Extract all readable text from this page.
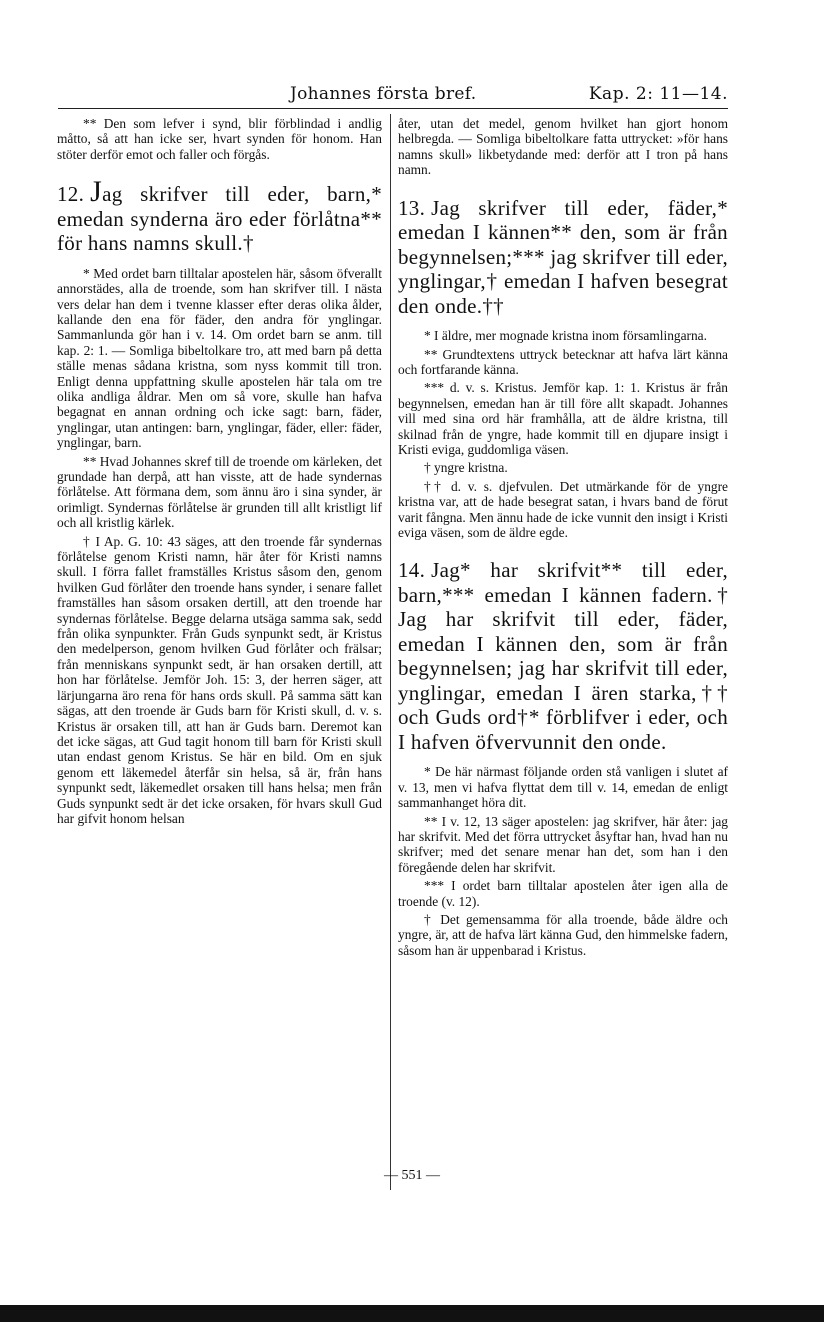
Johannes första bref.	Kap. 2: 11—14.

** Den som lefver i synd, blir förblindad i andlig måtto, så att han icke ser, hvart synden för honom. Han stöter derför emot och faller och förgås.

12. Jag skrifver till eder, barn,* emedan synderna äro eder förlåtna** för hans namns skull.†

* Med ordet barn tilltalar apostelen här, såsom öfverallt annorstädes, alla de troende, som han skrifver till. I nästa vers delar han dem i tvenne klasser efter deras olika ålder, kallande den ena för fäder, den andra för ynglingar. Sammanlunda gör han i v. 14. Om ordet barn se anm. till kap. 2: 1. — Somliga bibeltolkare tro, att med barn på detta ställe menas sådana kristna, som nyss kommit till tron. Enligt denna uppfattning skulle apostelen här tala om tre olika andliga åldrar. Men om så vore, skulle han hafva begagnat en annan ordning och icke sagt: barn, fäder, ynglingar, utan antingen: barn, ynglingar, fäder, eller: fäder, ynglingar, barn.

** Hvad Johannes skref till de troende om kärleken, det grundade han derpå, att han visste, att de hade syndernas förlåtelse. Att förmana dem, som ännu äro i sina synder, är orimligt. Syndernas förlåtelse är grunden till allt kristligt lif och all kristlig kärlek.

† I Ap. G. 10: 43 säges, att den troende får syndernas förlåtelse genom Kristi namn, här åter för Kristi namns skull. I förra fallet framställes Kristus såsom den, genom hvilken Gud förlåter den troende hans synder, i senare fallet framställes han såsom orsaken dertill, att den troende har syndernas förlåtelse. Begge delarna utsäga samma sak, sedd från olika synpunkter. Från Guds synpunkt sedt, är Kristus den medelperson, genom hvilken Gud förlåter och frälsar; från menniskans synpunkt sedt, är han orsaken dertill, att hon har förlåtelse. Jemför Joh. 15: 3, der herren säger, att lärjungarna äro rena för hans ords skull. På samma sätt kan sägas, att den troende är Guds barn för Kristi skull, d. v. s. Kristus är orsaken till, att han är Guds barn. Deremot kan det icke sägas, att Gud tagit honom till barn för Kristi skull utan endast genom Kristus. Se här en bild. Om en sjuk genom ett läkemedel återfår sin helsa, så är, från hans synpunkt sedt, läkemedlet orsaken till hans helsa; men från Guds synpunkt sedt är det icke orsaken, för hvars skull Gud har gifvit honom helsan

åter, utan det medel, genom hvilket han gjort honom helbregda. — Somliga bibeltolkare fatta uttrycket: »för hans namns skull» likbetydande med: derför att I tron på hans namn.

13. Jag skrifver till eder, fäder,* emedan I kännen** den, som är från begynnelsen;*** jag skrifver till eder, ynglingar,† emedan I hafven besegrat den onde.††

* I äldre, mer mognade kristna inom församlingarna.

** Grundtextens uttryck betecknar att hafva lärt känna och fortfarande känna.

*** d. v. s. Kristus. Jemför kap. 1: 1. Kristus är från begynnelsen, emedan han är till före allt skapadt. Johannes vill med sina ord här framhålla, att de äldre kristna, till skilnad från de yngre, hade kommit till en djupare insigt i Kristi eviga, guddomliga väsen.

† yngre kristna.

†† d. v. s. djefvulen. Det utmärkande för de yngre kristna var, att de hade besegrat satan, i hvars band de förut varit fångna. Men ännu hade de icke vunnit den insigt i Kristi eviga väsen, som de äldre egde.

14. Jag* har skrifvit** till eder, barn,*** emedan I kännen fadern.† Jag har skrifvit till eder, fäder, emedan I kännen den, som är från begynnelsen; jag har skrifvit till eder, ynglingar, emedan I ären starka,†† och Guds ord†* förblifver i eder, och I hafven öfvervunnit den onde.

* De här närmast följande orden stå vanligen i slutet af v. 13, men vi hafva flyttat dem till v. 14, emedan de enligt sammanhanget höra dit.

** I v. 12, 13 säger apostelen: jag skrifver, här åter: jag har skrifvit. Med det förra uttrycket åsyftar han, hvad han nu skrifver; med det senare menar han det, som han i den föregående delen har skrifvit.

*** I ordet barn tilltalar apostelen åter igen alla de troende (v. 12).

† Det gemensamma för alla troende, både äldre och yngre, är, att de hafva lärt känna Gud, den himmelske fadern, såsom han är uppenbarad i Kristus.

— 551 —
